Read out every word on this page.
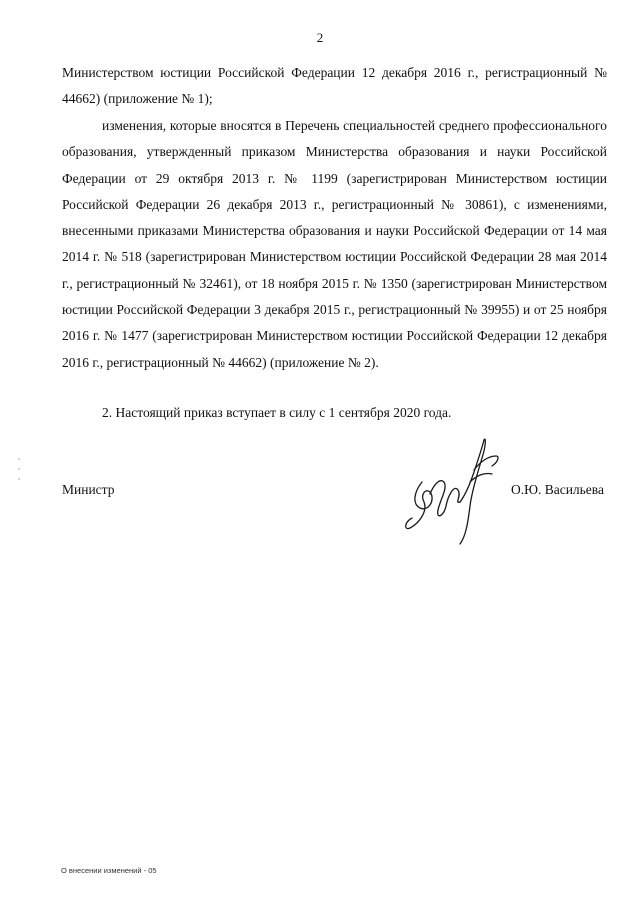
2

Министерством юстиции Российской Федерации 12 декабря 2016 г., регистрационный № 44662) (приложение № 1);

изменения, которые вносятся в Перечень специальностей среднего профессионального образования, утвержденный приказом Министерства образования и науки Российской Федерации от 29 октября 2013 г. № 1199 (зарегистрирован Министерством юстиции Российской Федерации 26 декабря 2013 г., регистрационный № 30861), с изменениями, внесенными приказами Министерства образования и науки Российской Федерации от 14 мая 2014 г. № 518 (зарегистрирован Министерством юстиции Российской Федерации 28 мая 2014 г., регистрационный № 32461), от 18 ноября 2015 г. № 1350 (зарегистрирован Министерством юстиции Российской Федерации 3 декабря 2015 г., регистрационный № 39955) и от 25 ноября 2016 г. № 1477 (зарегистрирован Министерством юстиции Российской Федерации 12 декабря 2016 г., регистрационный № 44662) (приложение № 2).

2. Настоящий приказ вступает в силу с 1 сентября 2020 года.

Министр	О.Ю. Васильева
О внесении изменений - 05
